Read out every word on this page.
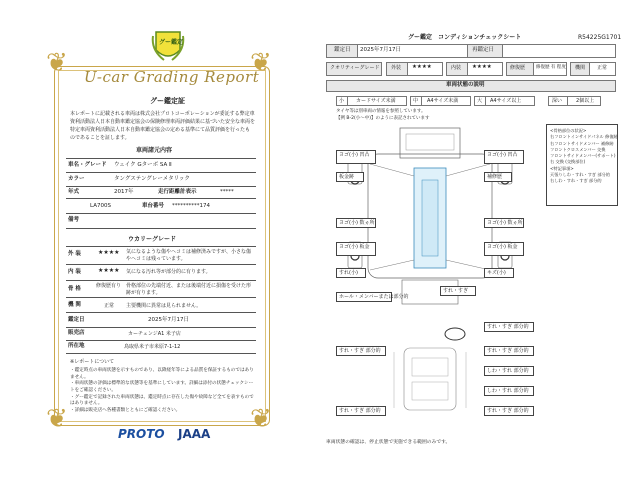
❦	❦
❦	❦
グー鑑定
U-car Grading Report
グー鑑定証
本レポートに記載される車両は株式会社プロトコーポレーションが委託する弊定車
資利活動法人日本自動車鑑定協会の保険修理車両評価結果に基づいた安全な車両を
特定車両資利活動法人日本自動車鑑定協会の定める基準にて品質評価を行ったも
のであることを証します。
車両諸元内容
車名・グレード ウェイク Gターボ SA Ⅱ
カラー	タングステングレーメタリック
年式	2017年	走行距離計表示	*****
LA700S	車台番号 **********174
備考
ウカリーグレード
外 装	★★★★ 気になるような傷やヘコミは補修済みですが、小さな傷やヘコミは残っています。
内 装	★★★★ 気になる汚れ等が部分的に有ります。
骨 格	修復歴有り 骨格部位の先端付近、または後端付近に損傷を受けた形跡が有ります。
機 関	正常 主要機関に異常は見られません。
鑑定日	2025年7月17日
販売店	カーチェンジA1 米子店
所在地	鳥取県米子市米原7-1-12
※レポートについて
・鑑定時点の車両状態を示すものであり、以降経年等による品質を保証するものではありません。
・車両状態の評価は標準的な状態等を基準にしています。詳細は添付の状態チェックシートをご確認ください。
・グー鑑定で記録された車両状態は、鑑定時点に存在した傷や故障など全てを表すものではありません。
・詳細は販売店へ各種書類とともにご確認ください。
PROTO JAAA
グー鑑定　コンディションチェックシート	R54225G1701
鑑定日 2025年7月17日	再鑑定日
クオリティーグレード 外装 ★★★★	内装 ★★★★	修復歴 修復歴 有 程度 機関 正常
車両状態の説明
小 カードサイズ未満	中 A4サイズ未満	大 A4サイズ以上	深い	2個以上
タイヤ等は別車両の情報を参照しています。
【例 B-2(小〜中)】のように表記されています
ヨゴ(小) 凹凸
板金跡
ヨゴ(小) 数ヵ所
ヨゴ(小) 板金
すれ(小)
ホール・メンバーまたは部分的
すれ・すぎ 部分的
ヨゴ(小) 凹凸
補修歴
ヨゴ(小) 数ヵ所
ヨゴ(小) 板金
キズ(小)
すれ・すぎ
すれ・すぎ 部分的
すれ・すぎ 部分的
しわ・すれ 部分的
しわ・すれ 部分的
すれ・すぎ 部分的
すれ・すぎ 部分的
<骨格部位の状況>
右フロントインサイドパネル 修復跡
右フロントサイドメンバー 補修跡
フロントクロスメンバー 交換
フロントサイドメンバー(サポート)
右 交換 (交換部位)
<特記事項>
天張りしわ・すれ・すぎ 部分的
右しわ・すれ・すぎ 部分的
車両状態の確認は、停止状態で実施できる範囲のみです。
